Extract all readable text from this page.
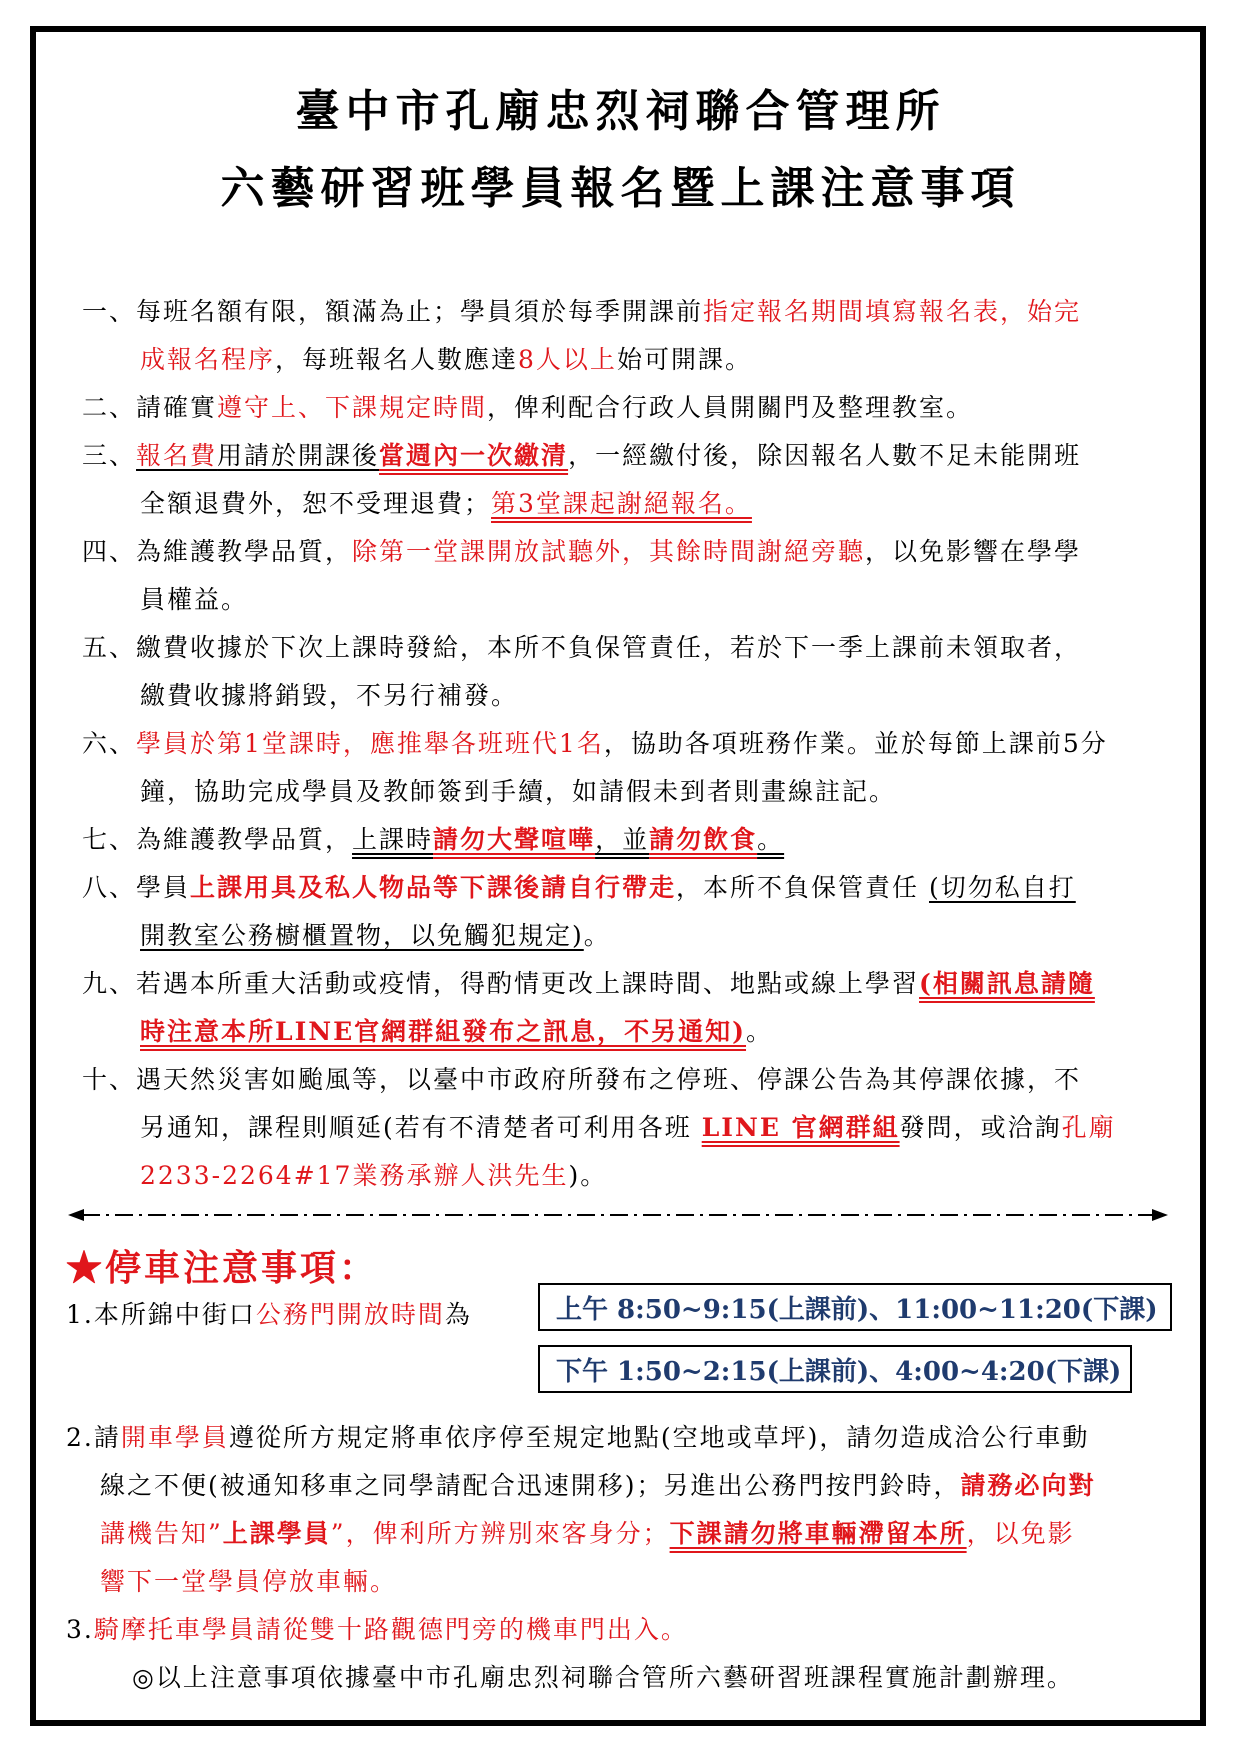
臺中市孔廟忠烈祠聯合管理所
六藝研習班學員報名暨上課注意事項
一、每班名額有限，額滿為止；學員須於每季開課前指定報名期間填寫報名表，始完
成報名程序，每班報名人數應達8人以上始可開課。
二、請確實遵守上、下課規定時間，俾利配合行政人員開關門及整理教室。
三、報名費用請於開課後當週內一次繳清，一經繳付後，除因報名人數不足未能開班
全額退費外，恕不受理退費；第3堂課起謝絕報名。
四、為維護教學品質，除第一堂課開放試聽外，其餘時間謝絕旁聽，以免影響在學學
員權益。
五、繳費收據於下次上課時發給，本所不負保管責任，若於下一季上課前未領取者，
繳費收據將銷毀，不另行補發。
六、學員於第1堂課時，應推舉各班班代1名，協助各項班務作業。並於每節上課前5分
鐘，協助完成學員及教師簽到手續，如請假未到者則畫線註記。
七、為維護教學品質，上課時請勿大聲喧嘩，並請勿飲食。
八、學員上課用具及私人物品等下課後請自行帶走，本所不負保管責任 (切勿私自打
開教室公務櫥櫃置物，以免觸犯規定)。
九、若遇本所重大活動或疫情，得酌情更改上課時間、地點或線上學習(相關訊息請隨
時注意本所LINE官網群組發布之訊息，不另通知)。
十、遇天然災害如颱風等，以臺中市政府所發布之停班、停課公告為其停課依據，不
另通知，課程則順延(若有不清楚者可利用各班 LINE 官網群組發問，或洽詢孔廟
2233-2264#17業務承辦人洪先生)。
★停車注意事項：
1.本所錦中街口公務門開放時間為	上午 8:50~9:15(上課前)、11:00~11:20(下課)
下午 1:50~2:15(上課前)、4:00~4:20(下課)
2.請開車學員遵從所方規定將車依序停至規定地點(空地或草坪)，請勿造成洽公行車動
線之不便(被通知移車之同學請配合迅速開移)；另進出公務門按門鈴時，請務必向對
講機告知”上課學員”，俾利所方辨別來客身分；下課請勿將車輛滯留本所，以免影
響下一堂學員停放車輛。
3.騎摩托車學員請從雙十路觀德門旁的機車門出入。
◎以上注意事項依據臺中市孔廟忠烈祠聯合管所六藝研習班課程實施計劃辦理。
